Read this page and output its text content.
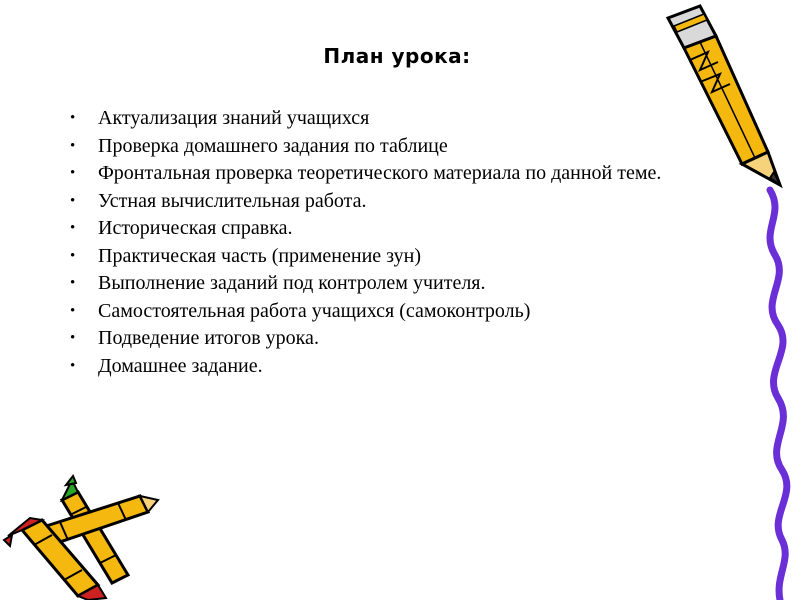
План урока:
• Актуализация знаний учащихся
• Проверка домашнего задания по таблице
• Фронтальная проверка теоретического материала по данной теме.
• Устная вычислительная работа.
• Историческая справка.
• Практическая часть (применение зун)
• Выполнение заданий под контролем учителя.
• Самостоятельная работа учащихся (самоконтроль)
• Подведение итогов урока.
• Домашнее задание.
